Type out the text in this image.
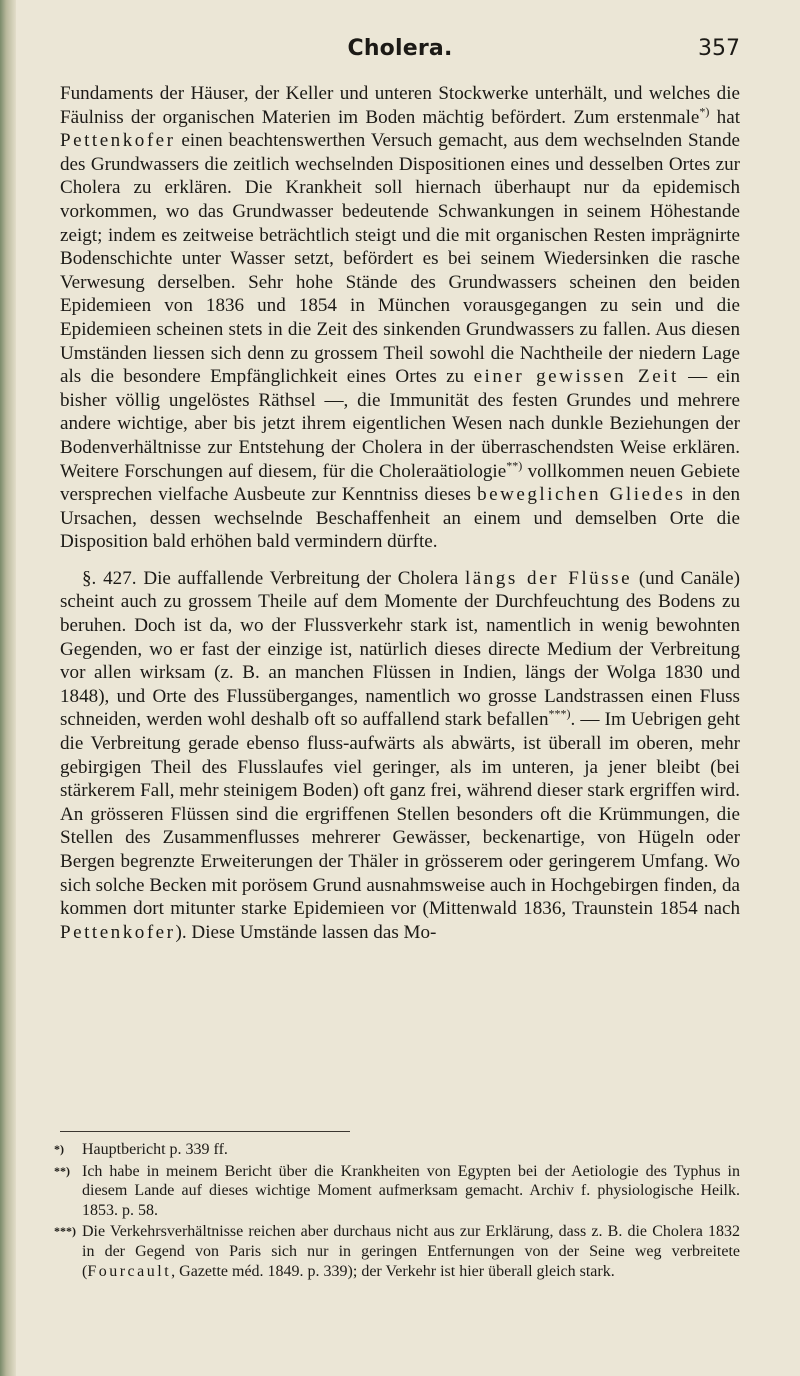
Cholera.	357

Fundaments der Häuser, der Keller und unteren Stockwerke unterhält, und welches die Fäulniss der organischen Materien im Boden mächtig befördert. Zum erstenmale*) hat Pettenkofer einen beachtenswerthen Versuch gemacht, aus dem wechselnden Stande des Grundwassers die zeitlich wechselnden Dispositionen eines und desselben Ortes zur Cholera zu erklären. Die Krankheit soll hiernach überhaupt nur da epidemisch vorkommen, wo das Grundwasser bedeutende Schwankungen in seinem Höhestande zeigt; indem es zeitweise beträchtlich steigt und die mit organischen Resten imprägnirte Bodenschichte unter Wasser setzt, befördert es bei seinem Wiedersinken die rasche Verwesung derselben. Sehr hohe Stände des Grundwassers scheinen den beiden Epidemieen von 1836 und 1854 in München vorausgegangen zu sein und die Epidemieen scheinen stets in die Zeit des sinkenden Grundwassers zu fallen. Aus diesen Umständen liessen sich denn zu grossem Theil sowohl die Nachtheile der niedern Lage als die besondere Empfänglichkeit eines Ortes zu einer gewissen Zeit — ein bisher völlig ungelöstes Räthsel —, die Immunität des festen Grundes und mehrere andere wichtige, aber bis jetzt ihrem eigentlichen Wesen nach dunkle Beziehungen der Bodenverhältnisse zur Entstehung der Cholera in der überraschendsten Weise erklären. Weitere Forschungen auf diesem, für die Choleraätiologie**) vollkommen neuen Gebiete versprechen vielfache Ausbeute zur Kenntniss dieses beweglichen Gliedes in den Ursachen, dessen wechselnde Beschaffenheit an einem und demselben Orte die Disposition bald erhöhen bald vermindern dürfte.

§. 427. Die auffallende Verbreitung der Cholera längs der Flüsse (und Canäle) scheint auch zu grossem Theile auf dem Momente der Durchfeuchtung des Bodens zu beruhen. Doch ist da, wo der Flussverkehr stark ist, namentlich in wenig bewohnten Gegenden, wo er fast der einzige ist, natürlich dieses directe Medium der Verbreitung vor allen wirksam (z. B. an manchen Flüssen in Indien, längs der Wolga 1830 und 1848), und Orte des Flussüberganges, namentlich wo grosse Landstrassen einen Fluss schneiden, werden wohl deshalb oft so auffallend stark befallen***). — Im Uebrigen geht die Verbreitung gerade ebenso fluss-aufwärts als abwärts, ist überall im oberen, mehr gebirgigen Theil des Flusslaufes viel geringer, als im unteren, ja jener bleibt (bei stärkerem Fall, mehr steinigem Boden) oft ganz frei, während dieser stark ergriffen wird. An grösseren Flüssen sind die ergriffenen Stellen besonders oft die Krümmungen, die Stellen des Zusammenflusses mehrerer Gewässer, beckenartige, von Hügeln oder Bergen begrenzte Erweiterungen der Thäler in grösserem oder geringerem Umfang. Wo sich solche Becken mit porösem Grund ausnahmsweise auch in Hochgebirgen finden, da kommen dort mitunter starke Epidemieen vor (Mittenwald 1836, Traunstein 1854 nach Pettenkofer). Diese Umstände lassen das Mo-

*) Hauptbericht p. 339 ff.

**) Ich habe in meinem Bericht über die Krankheiten von Egypten bei der Aetiologie des Typhus in diesem Lande auf dieses wichtige Moment aufmerksam gemacht. Archiv f. physiologische Heilk. 1853. p. 58.

***) Die Verkehrsverhältnisse reichen aber durchaus nicht aus zur Erklärung, dass z. B. die Cholera 1832 in der Gegend von Paris sich nur in geringen Entfernungen von der Seine weg verbreitete (Fourcault, Gazette méd. 1849. p. 339); der Verkehr ist hier überall gleich stark.
